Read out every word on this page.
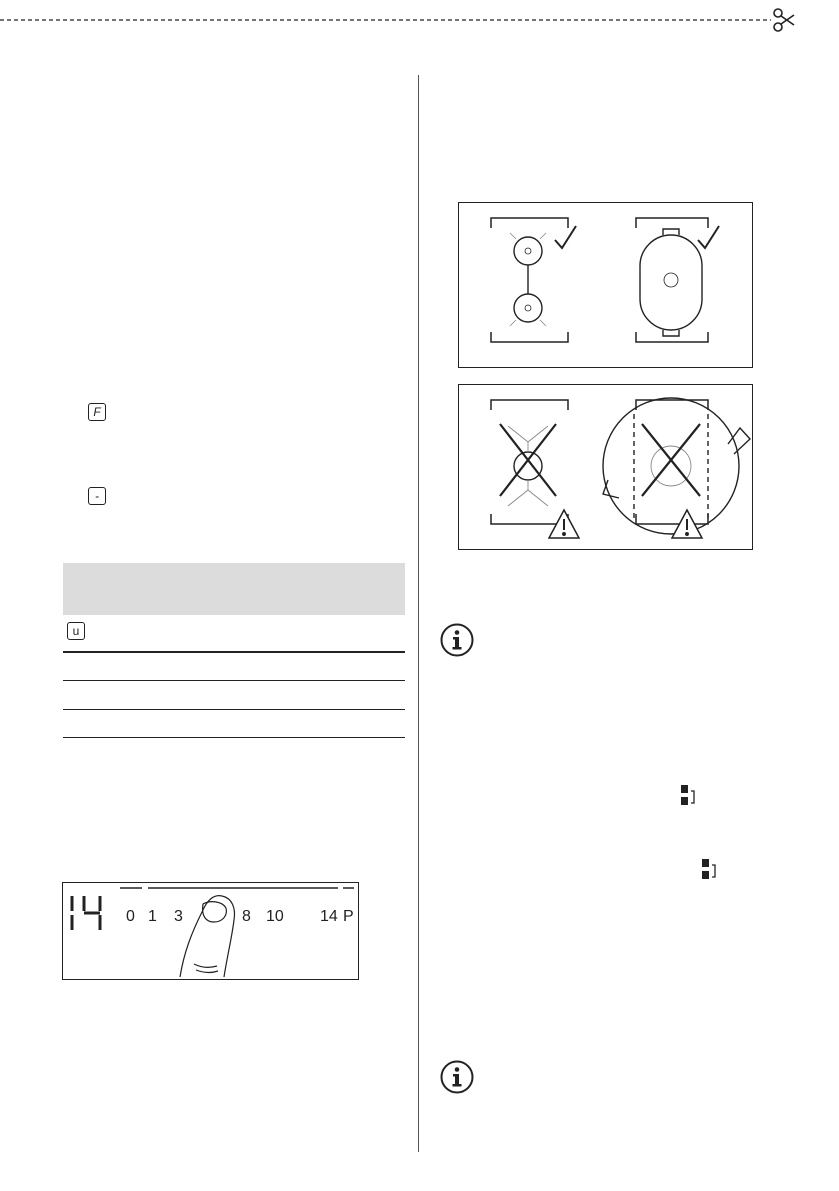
F
-
u
0 1 3	8 10 14 P
